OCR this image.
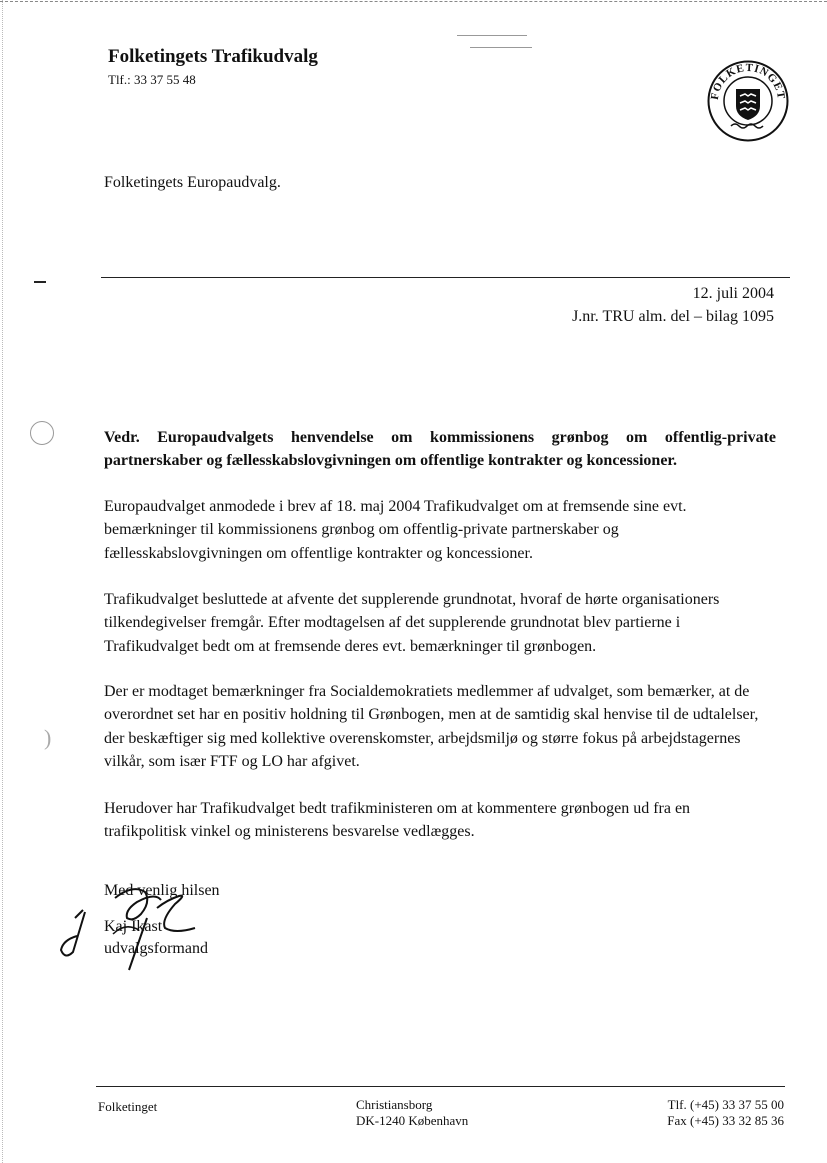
Folketingets Trafikudvalg
Tlf.: 33 37 55 48
FOLKETINGET
Folketingets Europaudvalg.
12. juli 2004
J.nr. TRU alm. del – bilag 1095
)
Vedr. Europaudvalgets henvendelse om kommissionens grønbog om offentlig-private partnerskaber og fællesskabslovgivningen om offentlige kontrakter og koncessioner.
Europaudvalget anmodede i brev af 18. maj 2004 Trafikudvalget om at fremsende sine evt. bemærkninger til kommissionens grønbog om offentlig-private partnerskaber og fællesskabslovgivningen om offentlige kontrakter og koncessioner.
Trafikudvalget besluttede at afvente det supplerende grundnotat, hvoraf de hørte organisationers tilkendegivelser fremgår. Efter modtagelsen af det supplerende grundnotat blev partierne i Trafikudvalget bedt om at fremsende deres evt. bemærkninger til grønbogen.
Der er modtaget bemærkninger fra Socialdemokratiets medlemmer af udvalget, som bemærker, at de overordnet set har en positiv holdning til Grønbogen, men at de samtidig skal henvise til de udtalelser, der beskæftiger sig med kollektive overenskomster, arbejdsmiljø og større fokus på arbejdstagernes vilkår, som især FTF og LO har afgivet.
Herudover har Trafikudvalget bedt trafikministeren om at kommentere grønbogen ud fra en trafikpolitisk vinkel og ministerens besvarelse vedlægges.
Med venlig hilsen
Kaj Ikast
udvalgsformand
Folketinget	Christiansborg
DK-1240 København
Tlf. (+45) 33 37 55 00
Fax (+45) 33 32 85 36
